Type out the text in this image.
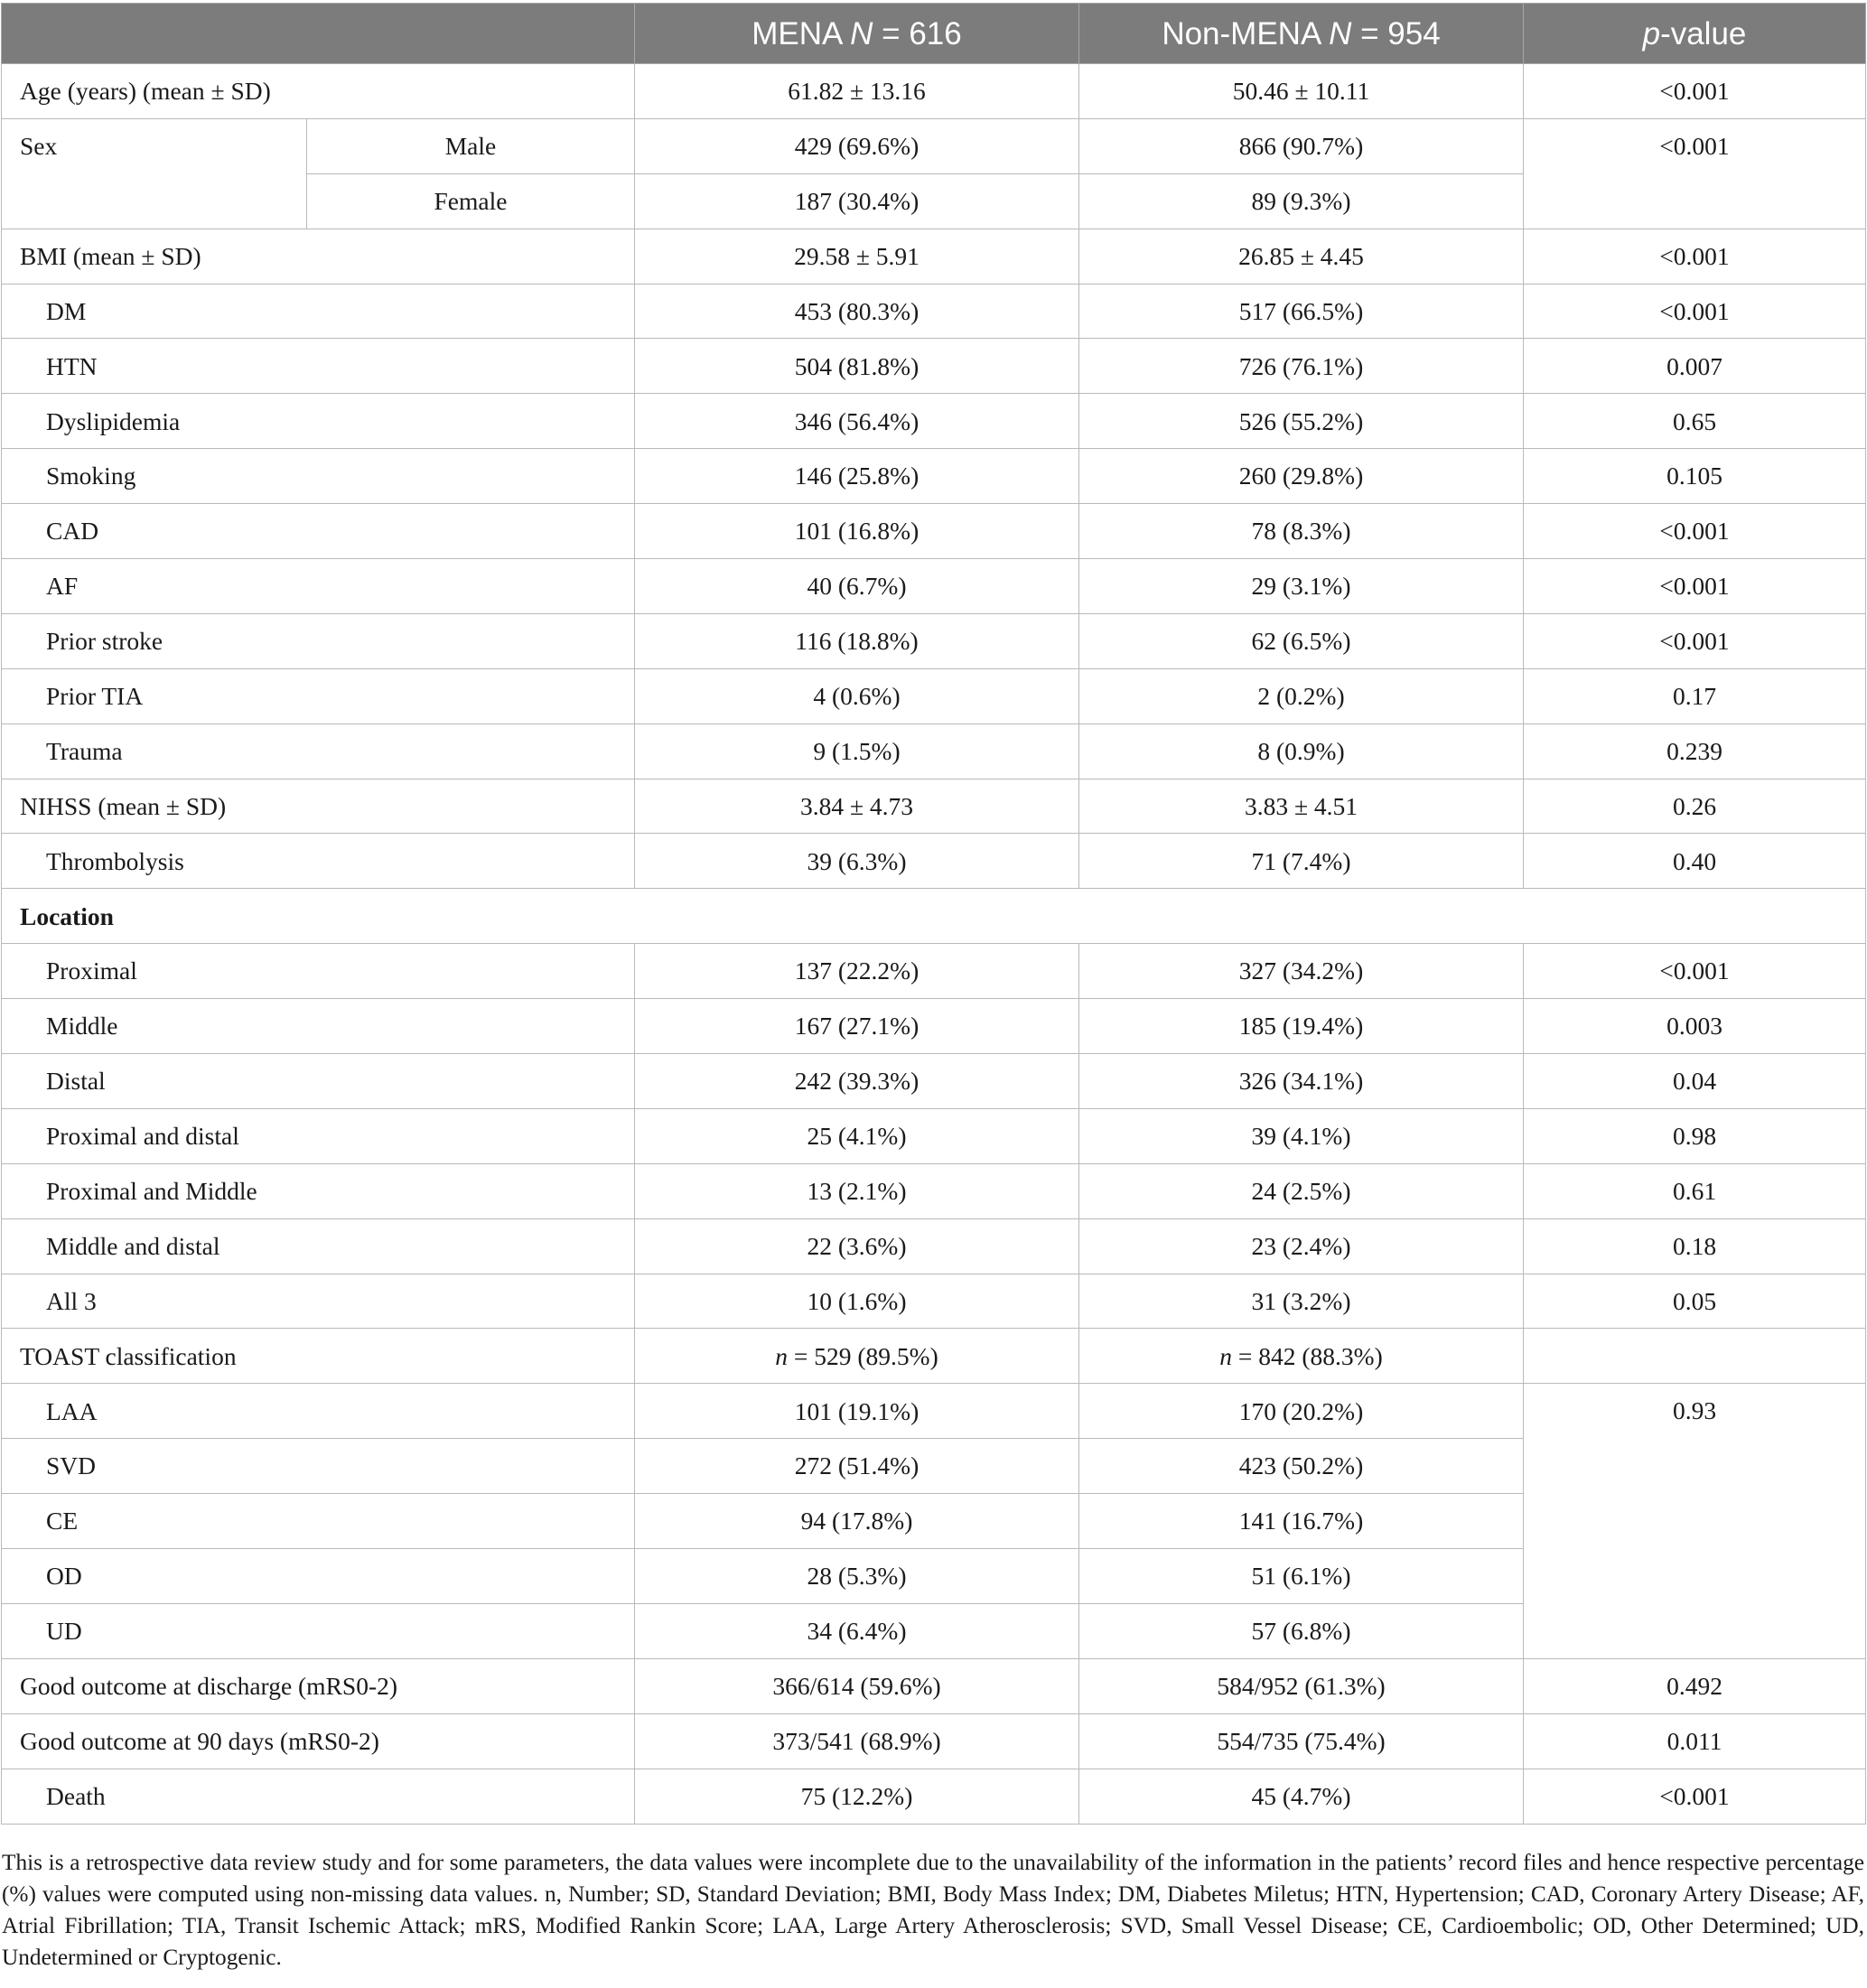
		MENA N = 616	Non-MENA N = 954	p-value
Age (years) (mean ± SD)		61.82 ± 13.16	50.46 ± 10.11	<0.001
Sex	Male	429 (69.6%)	866 (90.7%)	<0.001
	Female	187 (30.4%)	89 (9.3%)	
BMI (mean ± SD)		29.58 ± 5.91	26.85 ± 4.45	<0.001
DM		453 (80.3%)	517 (66.5%)	<0.001
HTN		504 (81.8%)	726 (76.1%)	0.007
Dyslipidemia		346 (56.4%)	526 (55.2%)	0.65
Smoking		146 (25.8%)	260 (29.8%)	0.105
CAD		101 (16.8%)	78 (8.3%)	<0.001
AF		40 (6.7%)	29 (3.1%)	<0.001
Prior stroke		116 (18.8%)	62 (6.5%)	<0.001
Prior TIA		4 (0.6%)	2 (0.2%)	0.17
Trauma		9 (1.5%)	8 (0.9%)	0.239
NIHSS (mean ± SD)		3.84 ± 4.73	3.83 ± 4.51	0.26
Thrombolysis		39 (6.3%)	71 (7.4%)	0.40
Location				
Proximal		137 (22.2%)	327 (34.2%)	<0.001
Middle		167 (27.1%)	185 (19.4%)	0.003
Distal		242 (39.3%)	326 (34.1%)	0.04
Proximal and distal		25 (4.1%)	39 (4.1%)	0.98
Proximal and Middle		13 (2.1%)	24 (2.5%)	0.61
Middle and distal		22 (3.6%)	23 (2.4%)	0.18
All 3		10 (1.6%)	31 (3.2%)	0.05
TOAST classification		n = 529 (89.5%)	n = 842 (88.3%)	
LAA		101 (19.1%)	170 (20.2%)	0.93
SVD		272 (51.4%)	423 (50.2%)	
CE		94 (17.8%)	141 (16.7%)	
OD		28 (5.3%)	51 (6.1%)	
UD		34 (6.4%)	57 (6.8%)	
Good outcome at discharge (mRS0-2)		366/614 (59.6%)	584/952 (61.3%)	0.492
Good outcome at 90 days (mRS0-2)		373/541 (68.9%)	554/735 (75.4%)	0.011
Death		75 (12.2%)	45 (4.7%)	<0.001
This is a retrospective data review study and for some parameters, the data values were incomplete due to the unavailability of the information in the patients’ record files and hence respective percentage (%) values were computed using non-missing data values. n, Number; SD, Standard Deviation; BMI, Body Mass Index; DM, Diabetes Miletus; HTN, Hypertension; CAD, Coronary Artery Disease; AF, Atrial Fibrillation; TIA, Transit Ischemic Attack; mRS, Modified Rankin Score; LAA, Large Artery Atherosclerosis; SVD, Small Vessel Disease; CE, Cardioembolic; OD, Other Determined; UD, Undetermined or Cryptogenic.
